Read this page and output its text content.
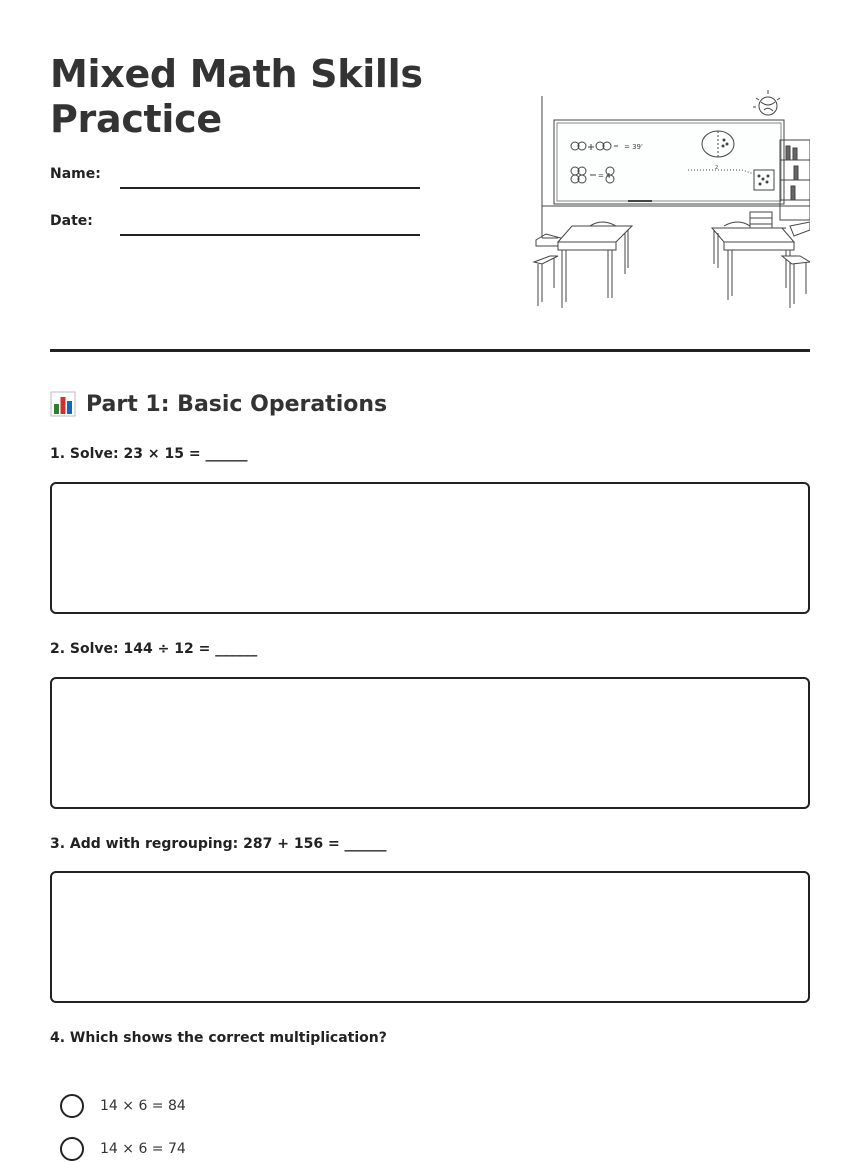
Mixed Math Skills Practice
Name:
Date:
= 39'
= 4
2
Part 1: Basic Operations
1. Solve: 23 × 15 = ______
2. Solve: 144 ÷ 12 = ______
3. Add with regrouping: 287 + 156 = ______
4. Which shows the correct multiplication?
14 × 6 = 84
14 × 6 = 74
